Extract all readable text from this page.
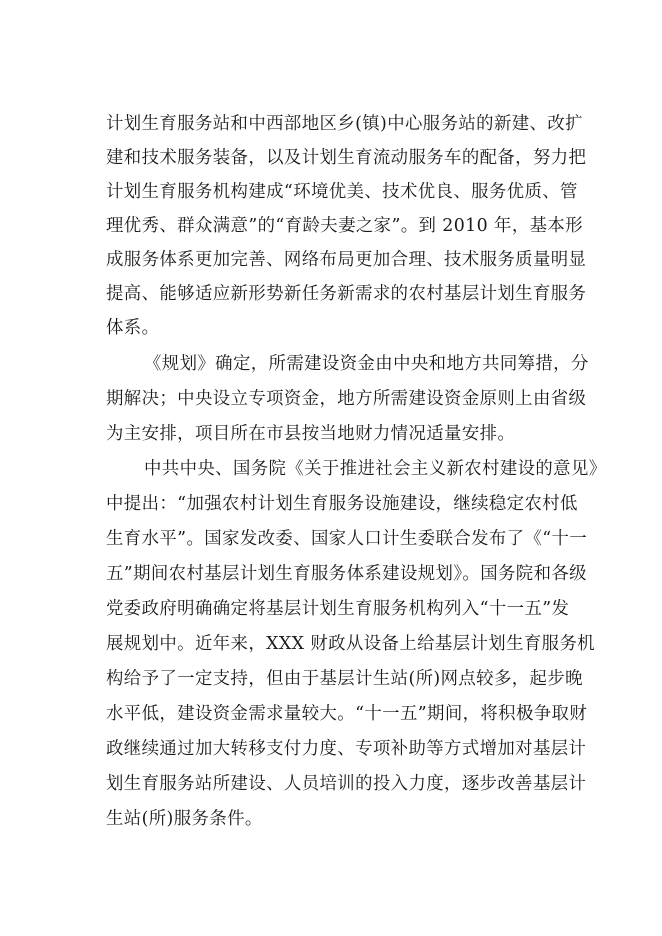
计划生育服务站和中西部地区乡(镇)中心服务站的新建、改扩
建和技术服务装备，以及计划生育流动服务车的配备，努力把
计划生育服务机构建成“环境优美、技术优良、服务优质、管
理优秀、群众满意”的“育龄夫妻之家”。到 2010 年，基本形
成服务体系更加完善、网络布局更加合理、技术服务质量明显
提高、能够适应新形势新任务新需求的农村基层计划生育服务
体系。
《规划》确定，所需建设资金由中央和地方共同筹措，分
期解决；中央设立专项资金，地方所需建设资金原则上由省级
为主安排，项目所在市县按当地财力情况适量安排。
中共中央、国务院《关于推进社会主义新农村建设的意见》
中提出：“加强农村计划生育服务设施建设，继续稳定农村低
生育水平”。国家发改委、国家人口计生委联合发布了《“十一
五”期间农村基层计划生育服务体系建设规划》。国务院和各级
党委政府明确确定将基层计划生育服务机构列入“十一五”发
展规划中。近年来，XXX 财政从设备上给基层计划生育服务机
构给予了一定支持，但由于基层计生站(所)网点较多，起步晚
水平低，建设资金需求量较大。“十一五”期间，将积极争取财
政继续通过加大转移支付力度、专项补助等方式增加对基层计
划生育服务站所建设、人员培训的投入力度，逐步改善基层计
生站(所)服务条件。
